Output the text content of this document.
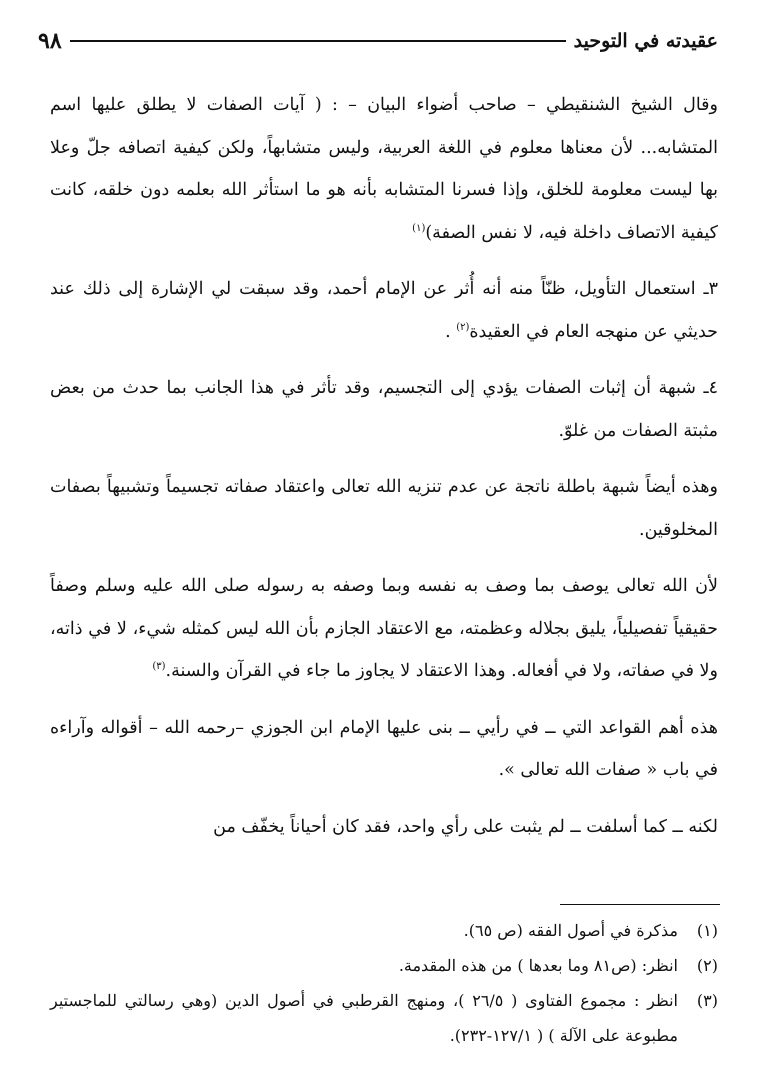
٩٨	عقيدته في التوحيد

وقال الشيخ الشنقيطي – صاحب أضواء البيان – : ( آيات الصفات لا يطلق عليها اسم المتشابه... لأن معناها معلوم في اللغة العربية، وليس متشابهاً، ولكن كيفية اتصافه جلّ وعلا بها ليست معلومة للخلق، وإذا فسرنا المتشابه بأنه هو ما استأثر الله بعلمه دون خلقه، كانت كيفية الاتصاف داخلة فيه، لا نفس الصفة)$^{(١)}$

٣ـ استعمال التأويل، ظنّاً منه أنه أُثر عن الإمام أحمد، وقد سبقت لي الإشارة إلى ذلك عند حديثي عن منهجه العام في العقيدة$^{(٢)}$ .

٤ـ شبهة أن إثبات الصفات يؤدي إلى التجسيم، وقد تأثر في هذا الجانب بما حدث من بعض مثبتة الصفات من غلوّ.

وهذه أيضاً شبهة باطلة ناتجة عن عدم تنزيه الله تعالى واعتقاد صفاته تجسيماً وتشبيهاً بصفات المخلوقين.

لأن الله تعالى يوصف بما وصف به نفسه وبما وصفه به رسوله صلى الله عليه وسلم وصفاً حقيقياً تفصيلياً، يليق بجلاله وعظمته، مع الاعتقاد الجازم بأن الله ليس كمثله شيء، لا في ذاته، ولا في صفاته، ولا في أفعاله. وهذا الاعتقاد لا يجاوز ما جاء في القرآن والسنة.$^{(٣)}$

هذه أهم القواعد التي ــ في رأيي ــ بنى عليها الإمام ابن الجوزي –رحمه الله – أقواله وآراءه في باب « صفات الله تعالى ».

لكنه ــ كما أسلفت ــ لم يثبت على رأي واحد، فقد كان أحياناً يخفّف من

(١)
مذكرة في أصول الفقه (ص ٦٥).
(٢)
انظر: (ص٨١ وما بعدها ) من هذه المقدمة.
(٣)
انظر : مجموع الفتاوى ( ٢٦/٥ )، ومنهج القرطبي في أصول الدين (وهي رسالتي للماجستير مطبوعة على الآلة ) ( ١٢٧/١-٢٣٢).
